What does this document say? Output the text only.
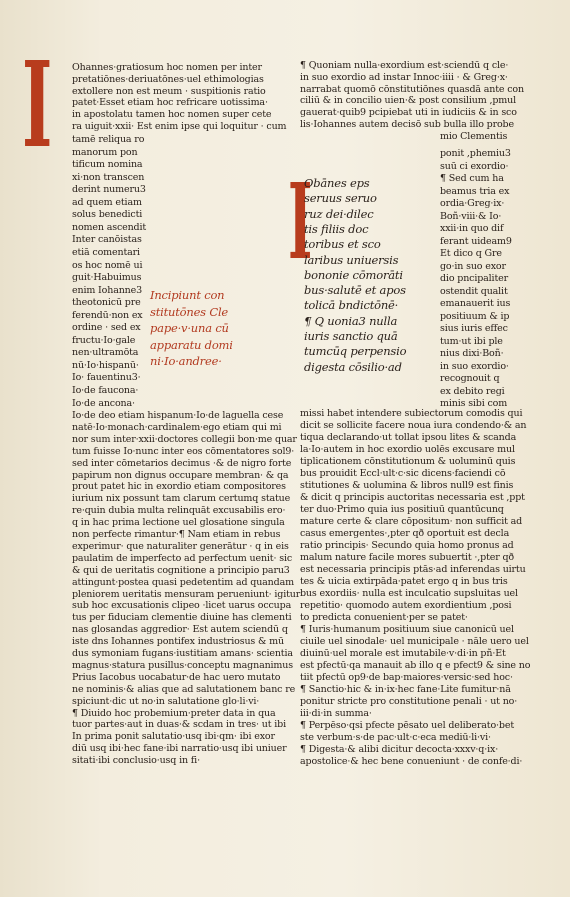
I
I
Ohannes·gratiosum hoc nomen per inter
pretatiōnes·deriuatōnes·uel ethimologias
extollere non est meum · suspitionis ratio
patet·Esset etiam hoc refricare uotissima·
in apostolatu tamen hoc nomen super cete
ra uiguit·xxii· Est enim ipse qui loquitur · cum
tamē reliqua ro
manorum pon
tificum nomina
xi·non transcen
derint numeru3
ad quem etiam
solus benedicti
nomen ascendit
Inter canōistas
etiā comentari
os hoc nomē ui
guit·Habuimus
enim Iohanne3
theotonicū pre
ferendū·non ex
ordine · sed ex
fructu·Io·gale
nen·ultramōta
nū·Io·hispanū·
Io· fauentinu3·
Io·de faucona·
Io·de ancona·
Incipiunt con
stitutōnes Cle
pape·v·una cū
apparatu domi
ni·Io·andree·
Io·de deo etiam hispanum·Io·de laguella cese
natē·Io·monach·cardinalem·ego etiam qui mi
nor sum inter·xxii·doctores collegii bon·me quar
tum fuisse Io·nunc inter eos cōmentatores sol9·
sed inter cōmetarios decimus ·& de nigro forte
papirum non dignus occupare membran· & qa
prout patet hic in exordio etiam compositores
iurium nix possunt tam clarum certumq statue
re·quin dubia multa relinquāt excusabilis ero·
q in hac prima lectione uel glosatione singula
non perfecte rimantur·¶ Nam etiam in rebus
experimur· que naturaliter generātur · q in eis
paulatim de imperfecto ad perfectum uenit· sic
& qui de ueritatis cognitione a principio paru3
attingunt·postea quasi pedetentim ad quandam
pleniorem ueritatis mensuram perueniunt· igitur
sub hoc excusationis clipeo ·licet uarus occupa
tus per fiduciam clementie diuine has clementi
nas glosandas aggredior· Est autem sciendū q
iste dns Iohannes pontifex industriosus & mū
dus symoniam fugans·iustitiam amans· scientia
magnus·statura pusillus·conceptu magnanimus
Prius Iacobus uocabatur·de hac uero mutato
ne nominis·& alias que ad salutationem banc re
spiciunt·dic ut no·in salutatione glo·li·vi·
¶ Diuido hoc probemium·preter data in qua
tuor partes·aut in duas·& scdam in tres· ut ibi
In prima ponit salutatio·usq ibi·qm· ibi exor
diū usq ibi·hec fane·ibi narratio·usq ibi uniuer
sitati·ibi conclusio·usq in fi·
¶ Quoniam nulla·exordium est·sciendū q cle·
in suo exordio ad instar Innoc·iiii · & Greg·x·
narrabat quomō cōnstitutiōnes quasdā ante con
ciliū & in concilio uien·& post consilium ,pmul
gauerat·quib9 pcipiebat uti in iudiciis & in sco
lis·Iohannes autem decisō sub bulla illo probe
mio Clementis
Obānes eps
seruus seruo
ruz dei·dilec
tis filiis doc
toribus et sco
laribus uniuersis
bononie cōmorāti
bus·salutē et apos
tolicā bndictōnē·
¶ Q uonia3 nulla
iuris sanctio quā
tumcūq perpensio
digesta cōsilio·ad
ponit ,phemiu3
suū ci exordio·
¶ Sed cum ha
beamus tria ex
ordia·Greg·ix·
Boñ·viii·& Io·
xxii·in quo dif
ferant uideam9
Et dico q Gre
go·in suo exor
dio pncipaliter
ostendit qualit
emanauerit ius
positiuum & ip
sius iuris effec
tum·ut ibi ple
nius dixi·Boñ·
in suo exordio·
recognouit q
ex debito regi
minis sibi com
missi habet intendere subiectorum comodis qui
dicit se sollicite facere noua iura condendo·& an
tiqua declarando·ut tollat ipsou lites & scanda
la·Io·autem in hoc exordio uolēs excusare mul
tiplicationem cōnstitutionum & uoluminū quis
bus prouidit Eccl·ult·c·sic dicens·faciendi cō
stitutiones & uolumina & libros null9 est finis
& dicit q principis auctoritas necessaria est ,ppt
ter duo·Primo quia ius positiuū quantūcunq
mature certe & clare cōpositum· non sufficit ad
casus emergentes·,pter qð oportuit est decla
ratio principis· Secundo quia homo pronus ad
malum nature facile mores subuertit ·,pter qð
est necessaria principis ptās·ad inferendas uirtu
tes & uicia extirpāda·patet ergo q in bus tris
bus exordiis· nulla est inculcatio supsluitas uel
repetitio· quomodo autem exordientium ,posi
to predicta conuenient·per se patet·
¶ Iuris·humanum positiuum siue canonicū uel
ciuile uel sinodale· uel municipale · nāle uero uel
diuinū·uel morale est imutabile·v·di·in pñ·Et
est pfectū·qa manauit ab illo q e pfect9 & sine no
tiit pfectū op9·de bap·maiores·versic·sed hoc·
¶ Sanctio·hic & in·ix·hec fane·Lite fumitur·nā
ponitur stricte pro constitutione penali · ut no·
iii·di·in summa·
¶ Perpēso·qsi pfecte pēsato uel deliberato·bet
ste verbum·s·de pac·ult·c·eca mediū·li·vi·
¶ Digesta·& alibi dicitur decocta·xxxv·q·ix·
apostolice·& hec bene conueniunt · de confe·di·
